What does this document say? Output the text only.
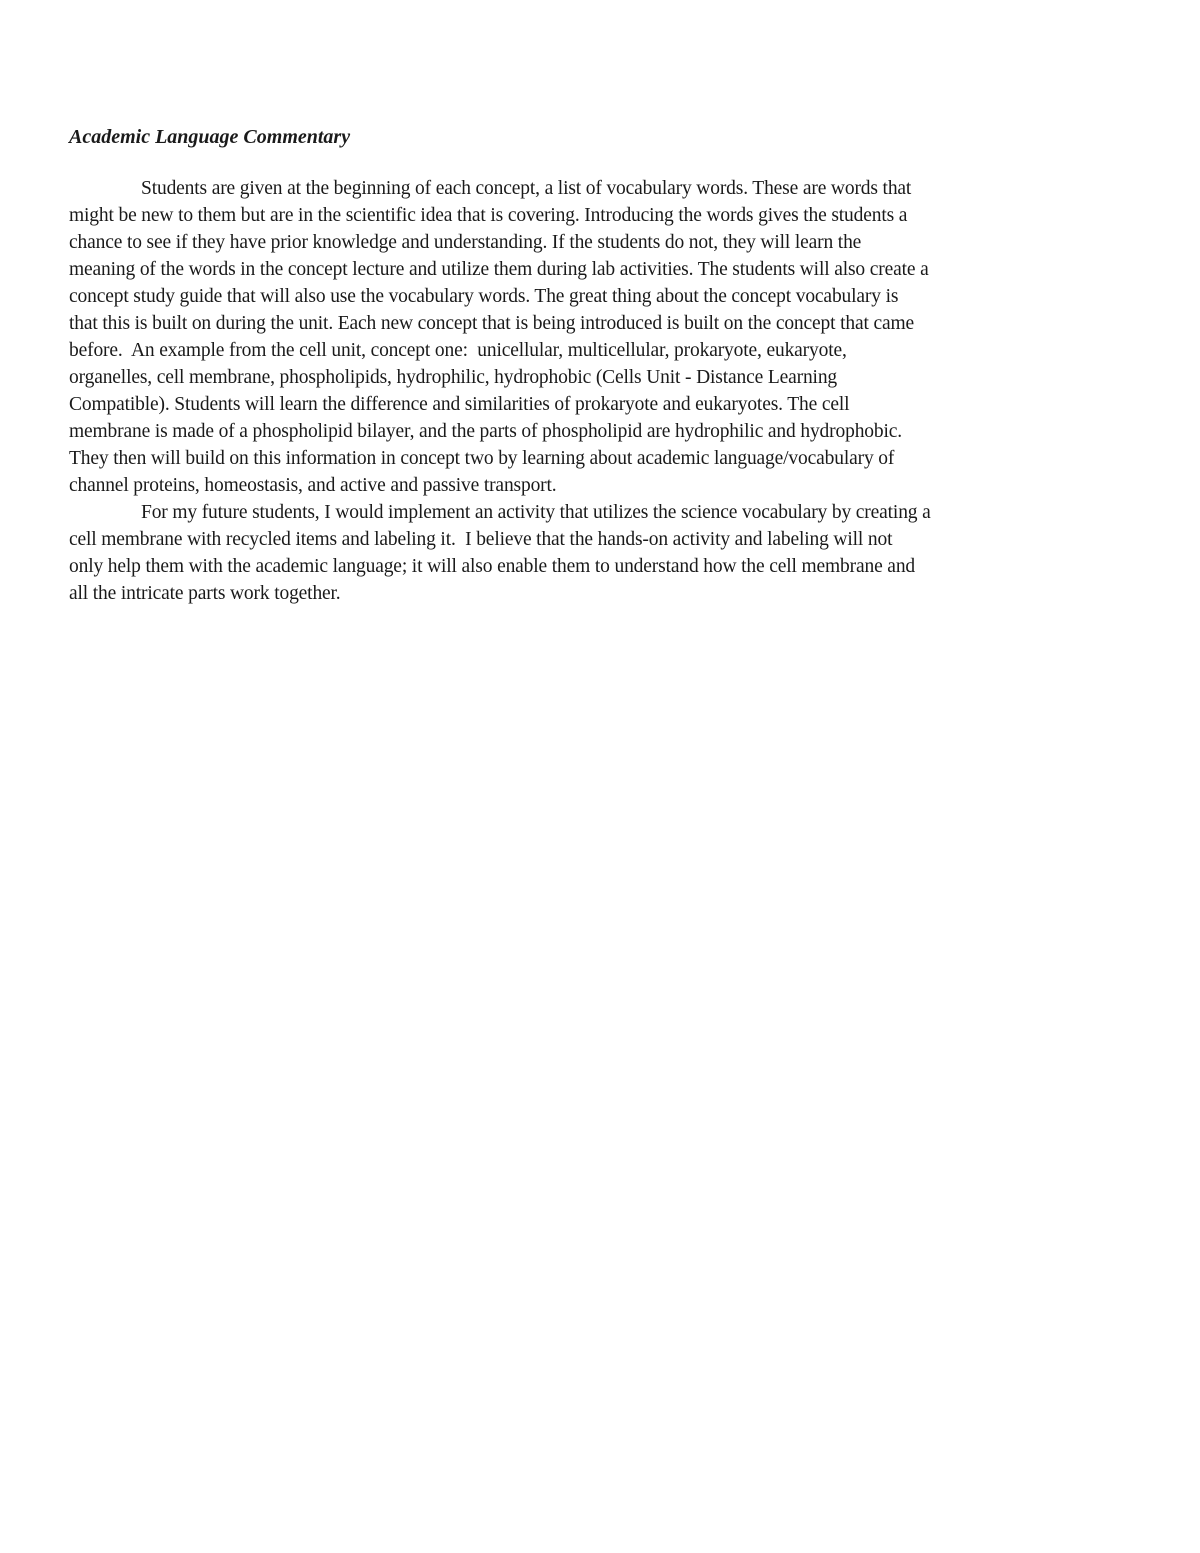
Academic Language Commentary
Students are given at the beginning of each concept, a list of vocabulary words. These are words that
might be new to them but are in the scientific idea that is covering. Introducing the words gives the students a
chance to see if they have prior knowledge and understanding. If the students do not, they will learn the
meaning of the words in the concept lecture and utilize them during lab activities. The students will also create a
concept study guide that will also use the vocabulary words. The great thing about the concept vocabulary is
that this is built on during the unit. Each new concept that is being introduced is built on the concept that came
before.  An example from the cell unit, concept one:  unicellular, multicellular, prokaryote, eukaryote,
organelles, cell membrane, phospholipids, hydrophilic, hydrophobic (Cells Unit - Distance Learning
Compatible). Students will learn the difference and similarities of prokaryote and eukaryotes. The cell
membrane is made of a phospholipid bilayer, and the parts of phospholipid are hydrophilic and hydrophobic.
They then will build on this information in concept two by learning about academic language/vocabulary of
channel proteins, homeostasis, and active and passive transport.
For my future students, I would implement an activity that utilizes the science vocabulary by creating a
cell membrane with recycled items and labeling it.  I believe that the hands-on activity and labeling will not
only help them with the academic language; it will also enable them to understand how the cell membrane and
all the intricate parts work together.
